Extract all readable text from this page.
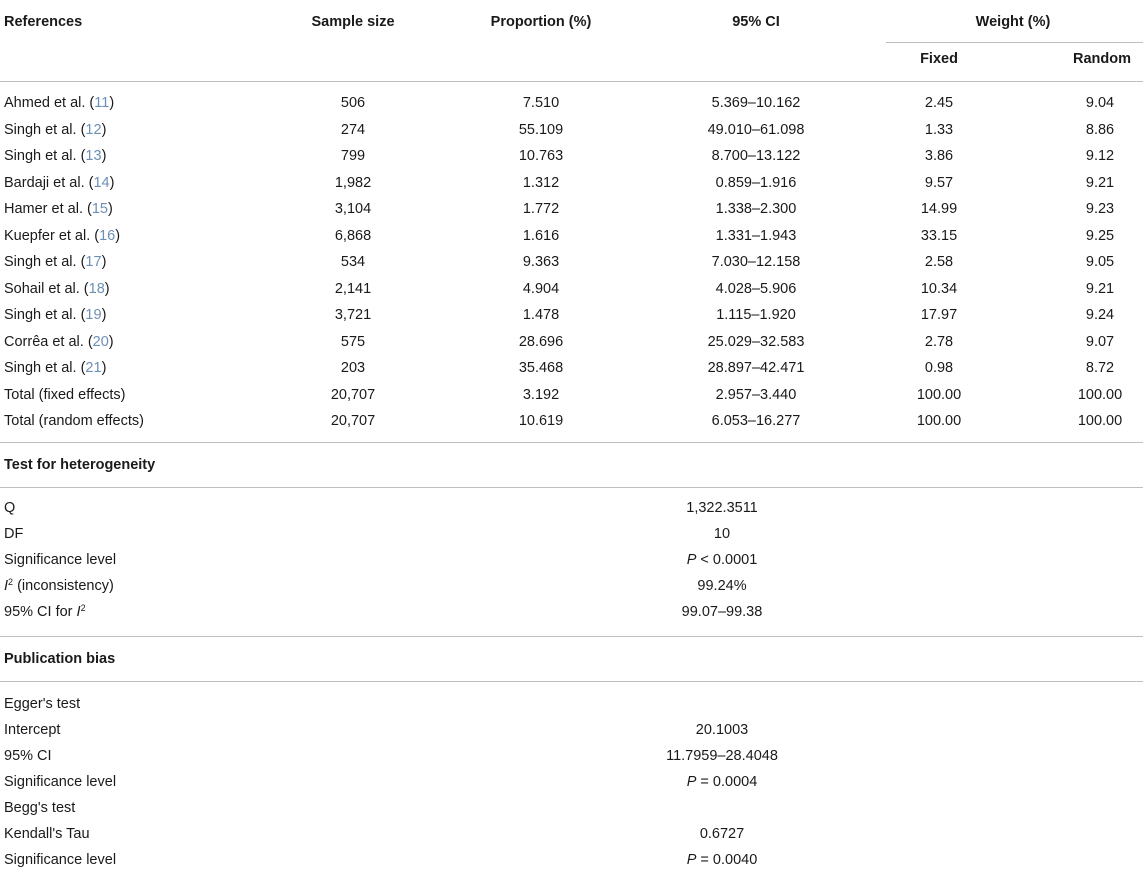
References	Sample size	Proportion (%)	95% CI	Weight (%)
Fixed	Random
Ahmed et al. (11)	506	7.510	5.369–10.162	2.45	9.04
Singh et al. (12)	274	55.109	49.010–61.098	1.33	8.86
Singh et al. (13)	799	10.763	8.700–13.122	3.86	9.12
Bardaji et al. (14)	1,982	1.312	0.859–1.916	9.57	9.21
Hamer et al. (15)	3,104	1.772	1.338–2.300	14.99	9.23
Kuepfer et al. (16)	6,868	1.616	1.331–1.943	33.15	9.25
Singh et al. (17)	534	9.363	7.030–12.158	2.58	9.05
Sohail et al. (18)	2,141	4.904	4.028–5.906	10.34	9.21
Singh et al. (19)	3,721	1.478	1.115–1.920	17.97	9.24
Corrêa et al. (20)	575	28.696	25.029–32.583	2.78	9.07
Singh et al. (21)	203	35.468	28.897–42.471	0.98	8.72
Total (fixed effects)	20,707	3.192	2.957–3.440	100.00	100.00
Total (random effects)	20,707	10.619	6.053–16.277	100.00	100.00
Test for heterogeneity
Q	1,322.3511
DF	10
Significance level	P < 0.0001
$I^2$ (inconsistency)	99.24%
95% CI for $I^2$	99.07–99.38
Publication bias
Egger's test
Intercept	20.1003
95% CI	11.7959–28.4048
Significance level	P = 0.0004
Begg's test
Kendall's Tau	0.6727
Significance level	P = 0.0040
